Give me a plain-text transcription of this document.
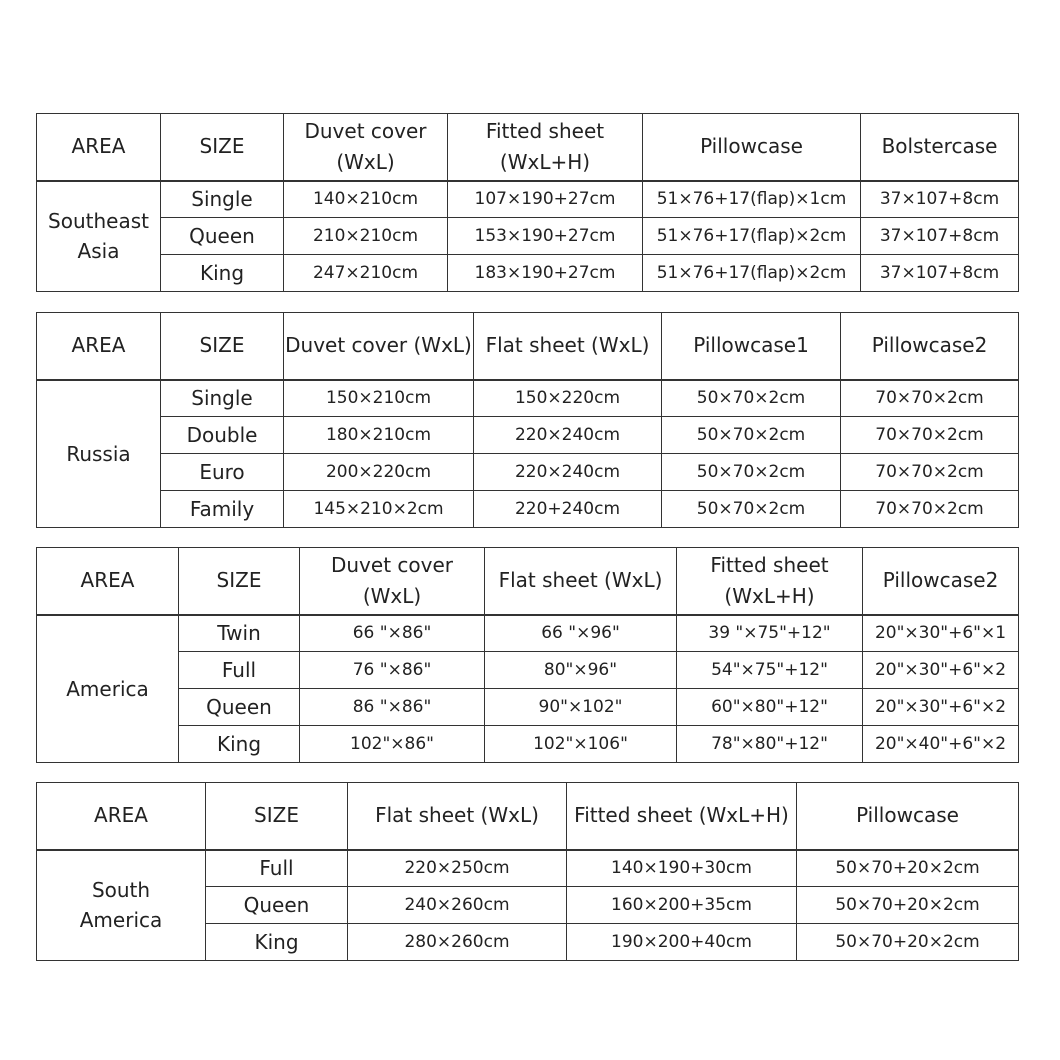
AREA	SIZE	Duvet cover (WxL)	Fitted sheet (WxL+H)	Pillowcase	Bolstercase
Southeast Asia	Single	140×210cm	107×190+27cm	51×76+17(flap)×1cm	37×107+8cm
	Queen	210×210cm	153×190+27cm	51×76+17(flap)×2cm	37×107+8cm
	King	247×210cm	183×190+27cm	51×76+17(flap)×2cm	37×107+8cm
AREA	SIZE	Duvet cover (WxL)	Flat sheet (WxL)	Pillowcase1	Pillowcase2
Russia	Single	150×210cm	150×220cm	50×70×2cm	70×70×2cm
	Double	180×210cm	220×240cm	50×70×2cm	70×70×2cm
	Euro	200×220cm	220×240cm	50×70×2cm	70×70×2cm
	Family	145×210×2cm	220+240cm	50×70×2cm	70×70×2cm
AREA	SIZE	Duvet cover (WxL)	Flat sheet (WxL)	Fitted sheet (WxL+H)	Pillowcase2
America	Twin	66 "×86"	66 "×96"	39 "×75"+12"	20"×30"+6"×1
	Full	76 "×86"	80"×96"	54"×75"+12"	20"×30"+6"×2
	Queen	86 "×86"	90"×102"	60"×80"+12"	20"×30"+6"×2
	King	102"×86"	102"×106"	78"×80"+12"	20"×40"+6"×2
AREA	SIZE	Flat sheet (WxL)	Fitted sheet (WxL+H)	Pillowcase
South America	Full	220×250cm	140×190+30cm	50×70+20×2cm
	Queen	240×260cm	160×200+35cm	50×70+20×2cm
	King	280×260cm	190×200+40cm	50×70+20×2cm
